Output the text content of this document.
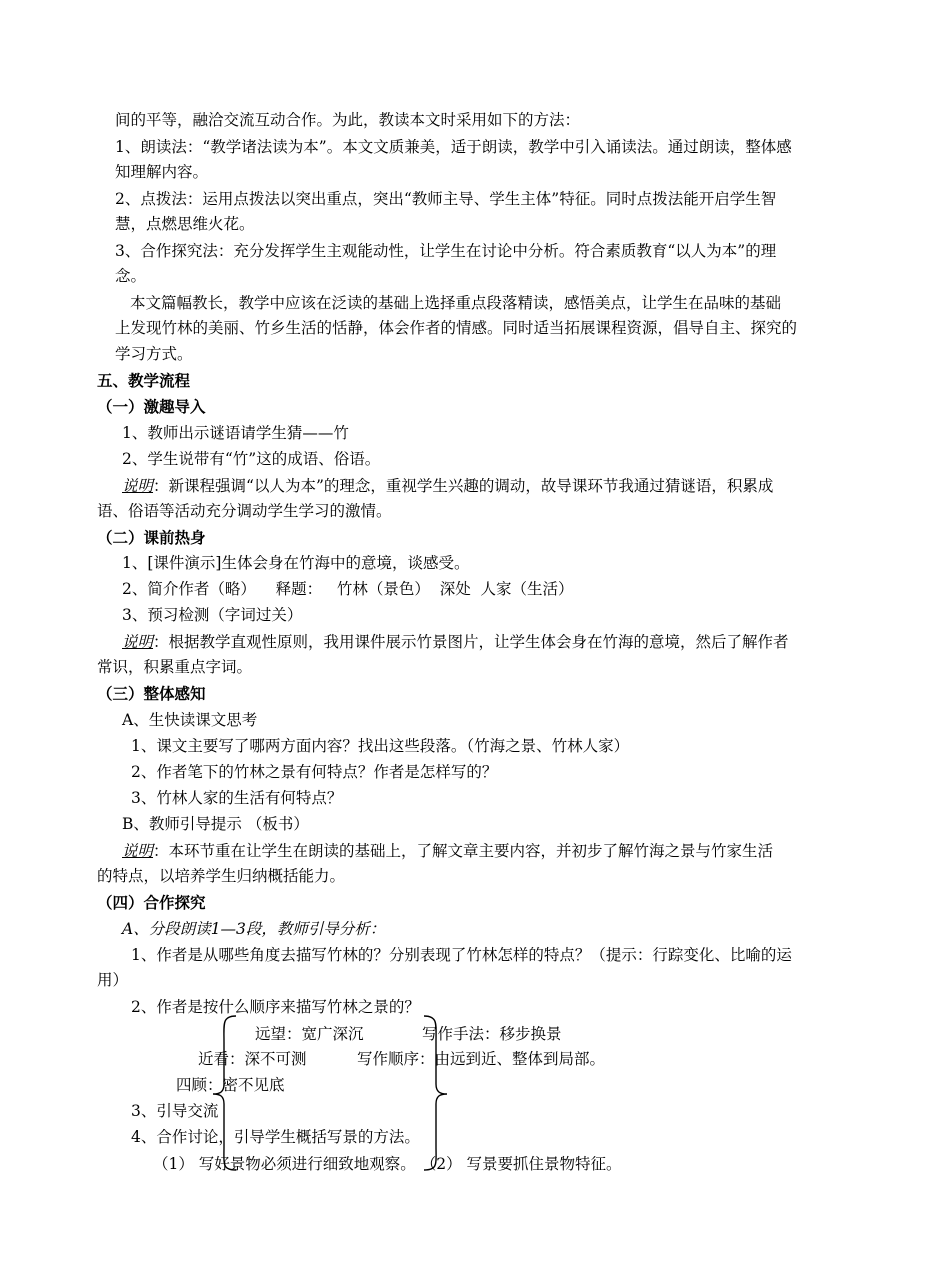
间的平等，融洽交流互动合作。为此，教读本文时采用如下的方法：
1、朗读法：“教学诸法读为本”。本文文质兼美，适于朗读，教学中引入诵读法。通过朗读，整体感
知理解内容。
2、点拨法：运用点拨法以突出重点，突出“教师主导、学生主体”特征。同时点拨法能开启学生智
慧，点燃思维火花。
3、合作探究法：充分发挥学生主观能动性，让学生在讨论中分析。符合素质教育“以人为本”的理
念。
本文篇幅教长，教学中应该在泛读的基础上选择重点段落精读，感悟美点，让学生在品味的基础
上发现竹林的美丽、竹乡生活的恬静，体会作者的情感。同时适当拓展课程资源，倡导自主、探究的
学习方式。
五、教学流程
（一）激趣导入
1、教师出示谜语请学生猜——竹
2、学生说带有“竹”这的成语、俗语。
说明：新课程强调“以人为本”的理念，重视学生兴趣的调动，故导课环节我通过猜谜语，积累成
语、俗语等活动充分调动学生学习的激情。
（二）课前热身
1、[课件演示]生体会身在竹海中的意境，谈感受。
2、简介作者（略）    释题：   竹林（景色）  深处  人家（生活）
3、预习检测（字词过关）
说明：根据教学直观性原则，我用课件展示竹景图片，让学生体会身在竹海的意境，然后了解作者
常识，积累重点字词。
（三）整体感知
A、生快读课文思考
1、课文主要写了哪两方面内容？找出这些段落。（竹海之景、竹林人家）
2、作者笔下的竹林之景有何特点？作者是怎样写的？
3、竹林人家的生活有何特点？
B、教师引导提示 （板书）
说明：本环节重在让学生在朗读的基础上，了解文章主要内容，并初步了解竹海之景与竹家生活
的特点，以培养学生归纳概括能力。
（四）合作探究
A、分段朗读1—3段，教师引导分析：
1、作者是从哪些角度去描写竹林的？分别表现了竹林怎样的特点？（提示：行踪变化、比喻的运
用）
2、作者是按什么顺序来描写竹林之景的？
远望：宽广深沉	写作手法：移步换景
近看：深不可测	写作顺序：由远到近、整体到局部。
四顾：密不见底
3、引导交流
4、合作讨论，引导学生概括写景的方法。
（1） 写好景物必须进行细致地观察。 （2） 写景要抓住景物特征。
